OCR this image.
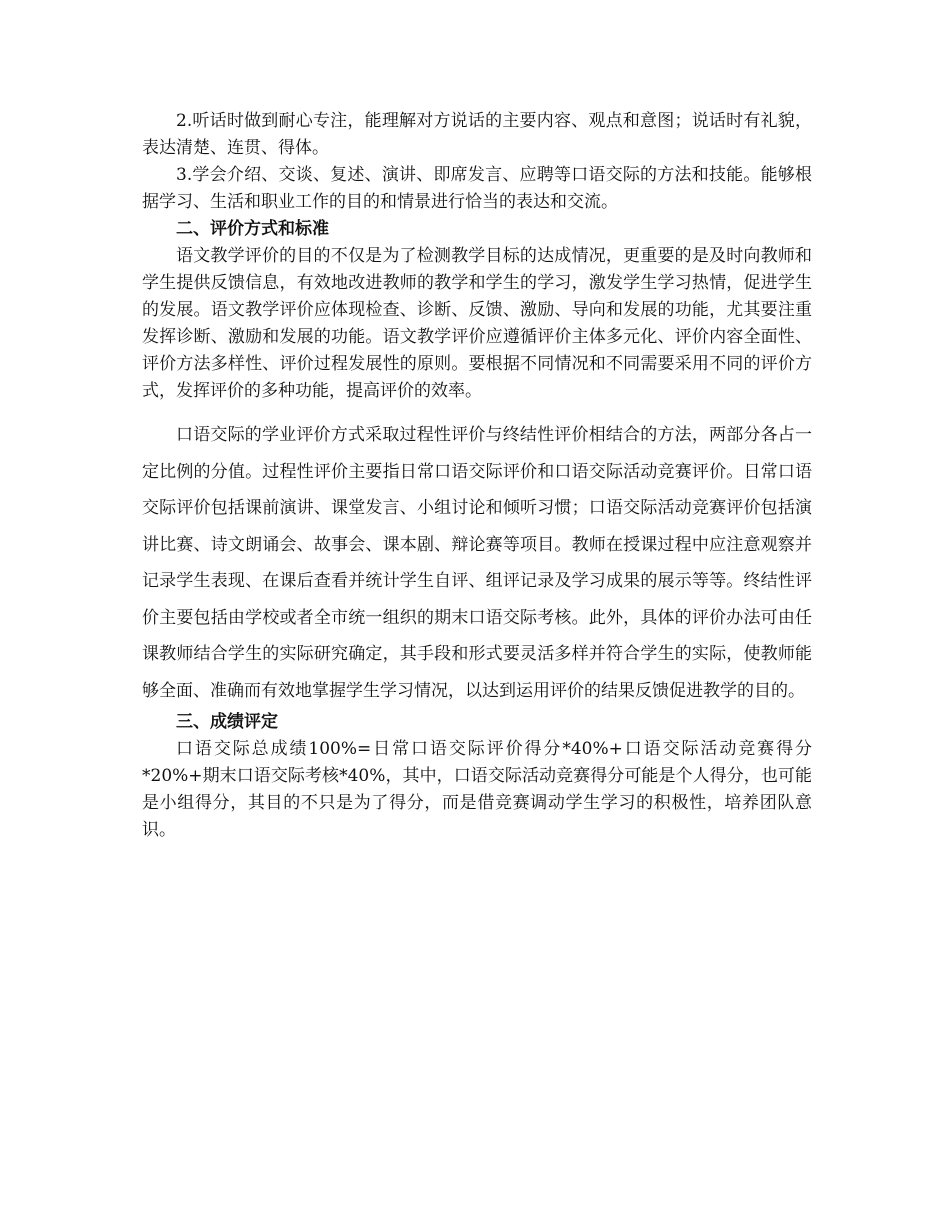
2.听话时做到耐心专注，能理解对方说话的主要内容、观点和意图；说话时有礼貌，表达清楚、连贯、得体。

3.学会介绍、交谈、复述、演讲、即席发言、应聘等口语交际的方法和技能。能够根据学习、生活和职业工作的目的和情景进行恰当的表达和交流。

二、评价方式和标准

语文教学评价的目的不仅是为了检测教学目标的达成情况，更重要的是及时向教师和学生提供反馈信息，有效地改进教师的教学和学生的学习，激发学生学习热情，促进学生的发展。语文教学评价应体现检查、诊断、反馈、激励、导向和发展的功能，尤其要注重发挥诊断、激励和发展的功能。语文教学评价应遵循评价主体多元化、评价内容全面性、评价方法多样性、评价过程发展性的原则。要根据不同情况和不同需要采用不同的评价方式，发挥评价的多种功能，提高评价的效率。

口语交际的学业评价方式采取过程性评价与终结性评价相结合的方法，两部分各占一定比例的分值。过程性评价主要指日常口语交际评价和口语交际活动竞赛评价。日常口语交际评价包括课前演讲、课堂发言、小组讨论和倾听习惯；口语交际活动竞赛评价包括演讲比赛、诗文朗诵会、故事会、课本剧、辩论赛等项目。教师在授课过程中应注意观察并记录学生表现、在课后查看并统计学生自评、组评记录及学习成果的展示等等。终结性评价主要包括由学校或者全市统一组织的期末口语交际考核。此外，具体的评价办法可由任课教师结合学生的实际研究确定，其手段和形式要灵活多样并符合学生的实际，使教师能够全面、准确而有效地掌握学生学习情况，以达到运用评价的结果反馈促进教学的目的。

三、成绩评定

口语交际总成绩100%=日常口语交际评价得分*40%+口语交际活动竞赛得分*20%+期末口语交际考核*40%，其中，口语交际活动竞赛得分可能是个人得分，也可能是小组得分，其目的不只是为了得分，而是借竞赛调动学生学习的积极性，培养团队意识。
